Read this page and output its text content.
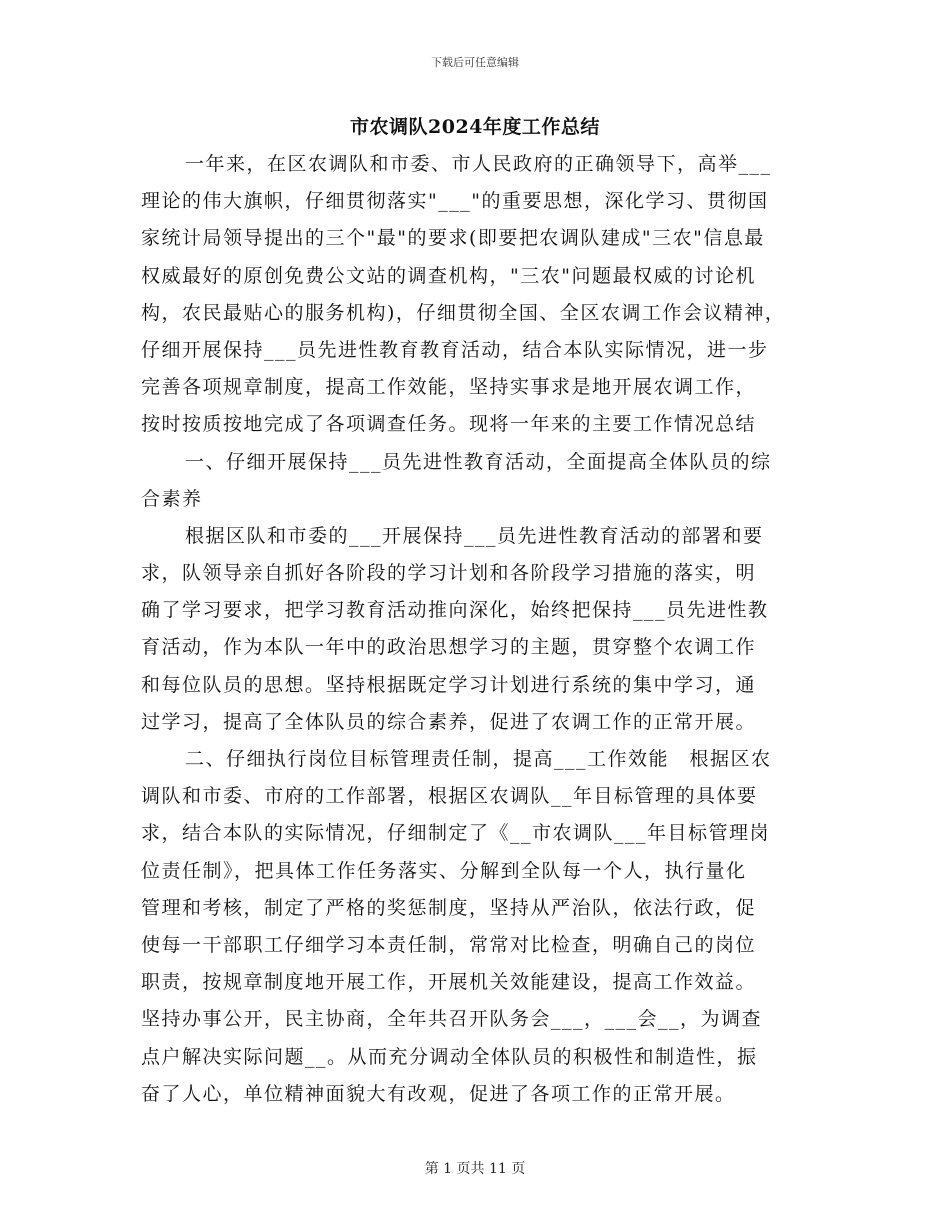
下载后可任意编辑
市农调队2024年度工作总结
一年来，在区农调队和市委、市人民政府的正确领导下，高举___
理论的伟大旗帜，仔细贯彻落实"___"的重要思想，深化学习、贯彻国
家统计局领导提出的三个"最"的要求(即要把农调队建成"三农"信息最
权威最好的原创免费公文站的调查机构，"三农"问题最权威的讨论机
构，农民最贴心的服务机构)，仔细贯彻全国、全区农调工作会议精神，
仔细开展保持___员先进性教育教育活动，结合本队实际情况，进一步
完善各项规章制度，提高工作效能，坚持实事求是地开展农调工作，
按时按质按地完成了各项调查任务。现将一年来的主要工作情况总结
一、仔细开展保持___员先进性教育活动，全面提高全体队员的综
合素养
根据区队和市委的___开展保持___员先进性教育活动的部署和要
求，队领导亲自抓好各阶段的学习计划和各阶段学习措施的落实，明
确了学习要求，把学习教育活动推向深化，始终把保持___员先进性教
育活动，作为本队一年中的政治思想学习的主题，贯穿整个农调工作
和每位队员的思想。坚持根据既定学习计划进行系统的集中学习，通
过学习，提高了全体队员的综合素养，促进了农调工作的正常开展。
二、仔细执行岗位目标管理责任制，提高___工作效能　根据区农
调队和市委、市府的工作部署，根据区农调队__年目标管理的具体要
求，结合本队的实际情况，仔细制定了《__市农调队___年目标管理岗
位责任制》，把具体工作任务落实、分解到全队每一个人，执行量化
管理和考核，制定了严格的奖惩制度，坚持从严治队，依法行政，促
使每一干部职工仔细学习本责任制，常常对比检查，明确自己的岗位
职责，按规章制度地开展工作，开展机关效能建设，提高工作效益。
坚持办事公开，民主协商，全年共召开队务会___，___会__，为调查
点户解决实际问题__。从而充分调动全体队员的积极性和制造性，振
奋了人心，单位精神面貌大有改观，促进了各项工作的正常开展。
第 1 页共 11 页
